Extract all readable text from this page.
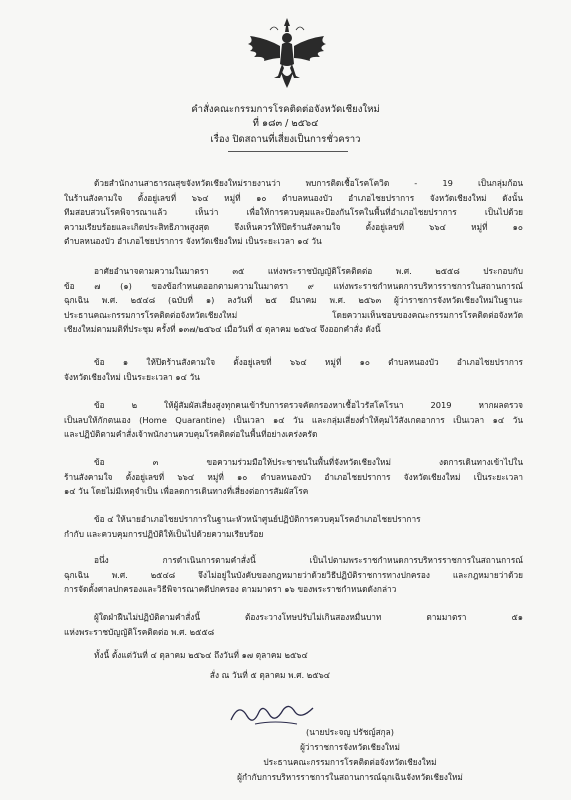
คำสั่งคณะกรรมการโรคติดต่อจังหวัดเชียงใหม่
ที่ ๑๘๓ / ๒๕๖๔
เรื่อง ปิดสถานที่เสี่ยงเป็นการชั่วคราว
ด้วยสำนักงานสาธารณสุขจังหวัดเชียงใหม่รายงานว่า พบการติดเชื้อโรคโควิด - 19 เป็นกลุ่มก้อน
ในร้านสังคามใจ ตั้งอยู่เลขที่ ๖๖๔ หมู่ที่ ๑๐ ตำบลหนองบัว อำเภอไชยปราการ จังหวัดเชียงใหม่ ดังนั้น
ทีมสอบสวนโรคพิจารณาแล้ว เห็นว่า เพื่อให้การควบคุมและป้องกันโรคในพื้นที่อำเภอไชยปราการ เป็นไปด้วย
ความเรียบร้อยและเกิดประสิทธิภาพสูงสุด จึงเห็นควรให้ปิดร้านสังคามใจ ตั้งอยู่เลขที่ ๖๖๔ หมู่ที่ ๑๐
ตำบลหนองบัว อำเภอไชยปราการ จังหวัดเชียงใหม่ เป็นระยะเวลา ๑๔ วัน
อาศัยอำนาจตามความในมาตรา ๓๕ แห่งพระราชบัญญัติโรคติดต่อ พ.ศ. ๒๕๕๘ ประกอบกับ
ข้อ ๗ (๑) ของข้อกำหนดออกตามความในมาตรา ๙ แห่งพระราชกำหนดการบริหารราชการในสถานการณ์
ฉุกเฉิน พ.ศ. ๒๕๔๘ (ฉบับที่ ๑) ลงวันที่ ๒๕ มีนาคม พ.ศ. ๒๕๖๓ ผู้ว่าราชการจังหวัดเชียงใหม่ในฐานะ
ประธานคณะกรรมการโรคติดต่อจังหวัดเชียงใหม่ โดยความเห็นชอบของคณะกรรมการโรคติดต่อจังหวัด
เชียงใหม่ตามมติที่ประชุม ครั้งที่ ๑๓๗/๒๕๖๔ เมื่อวันที่ ๕ ตุลาคม ๒๕๖๔ จึงออกคำสั่ง ดังนี้
ข้อ ๑ ให้ปิดร้านสังคามใจ ตั้งอยู่เลขที่ ๖๖๔ หมู่ที่ ๑๐ ตำบลหนองบัว อำเภอไชยปราการ
จังหวัดเชียงใหม่ เป็นระยะเวลา ๑๔ วัน
ข้อ ๒ ให้ผู้สัมผัสเสี่ยงสูงทุกคนเข้ารับการตรวจคัดกรองหาเชื้อไวรัสโคโรนา 2019 หากผลตรวจ
เป็นลบให้กักตนเอง (Home Quarantine) เป็นเวลา ๑๔ วัน และกลุ่มเสี่ยงต่ำให้คุมไว้สังเกตอาการ เป็นเวลา ๑๔ วัน
และปฏิบัติตามคำสั่งเจ้าพนักงานควบคุมโรคติดต่อในพื้นที่อย่างเคร่งครัด
ข้อ ๓ ขอความร่วมมือให้ประชาชนในพื้นที่จังหวัดเชียงใหม่ งดการเดินทางเข้าไปใน
ร้านสังคามใจ ตั้งอยู่เลขที่ ๖๖๔ หมู่ที่ ๑๐ ตำบลหนองบัว อำเภอไชยปราการ จังหวัดเชียงใหม่ เป็นระยะเวลา
๑๔ วัน โดยไม่มีเหตุจำเป็น เพื่อลดการเดินทางที่เสี่ยงต่อการสัมผัสโรค
ข้อ ๔ ให้นายอำเภอไชยปราการในฐานะหัวหน้าศูนย์ปฏิบัติการควบคุมโรคอำเภอไชยปราการ
กำกับ และควบคุมการปฏิบัติให้เป็นไปด้วยความเรียบร้อย
อนึ่ง การดำเนินการตามคำสั่งนี้ เป็นไปตามพระราชกำหนดการบริหารราชการในสถานการณ์
ฉุกเฉิน พ.ศ. ๒๕๔๘ จึงไม่อยู่ในบังคับของกฎหมายว่าด้วยวิธีปฏิบัติราชการทางปกครอง และกฎหมายว่าด้วย
การจัดตั้งศาลปกครองและวิธีพิจารณาคดีปกครอง ตามมาตรา ๑๖ ของพระราชกำหนดดังกล่าว
ผู้ใดฝ่าฝืนไม่ปฏิบัติตามคำสั่งนี้ ต้องระวางโทษปรับไม่เกินสองหมื่นบาท ตามมาตรา ๕๑
แห่งพระราชบัญญัติโรคติดต่อ พ.ศ. ๒๕๕๘
ทั้งนี้ ตั้งแต่วันที่ ๔ ตุลาคม ๒๕๖๔ ถึงวันที่ ๑๗ ตุลาคม ๒๕๖๔
สั่ง ณ วันที่ ๕ ตุลาคม พ.ศ. ๒๕๖๔
(นายประจญ ปรัชญ์สกุล)
ผู้ว่าราชการจังหวัดเชียงใหม่
ประธานคณะกรรมการโรคติดต่อจังหวัดเชียงใหม่
ผู้กำกับการบริหารราชการในสถานการณ์ฉุกเฉินจังหวัดเชียงใหม่
